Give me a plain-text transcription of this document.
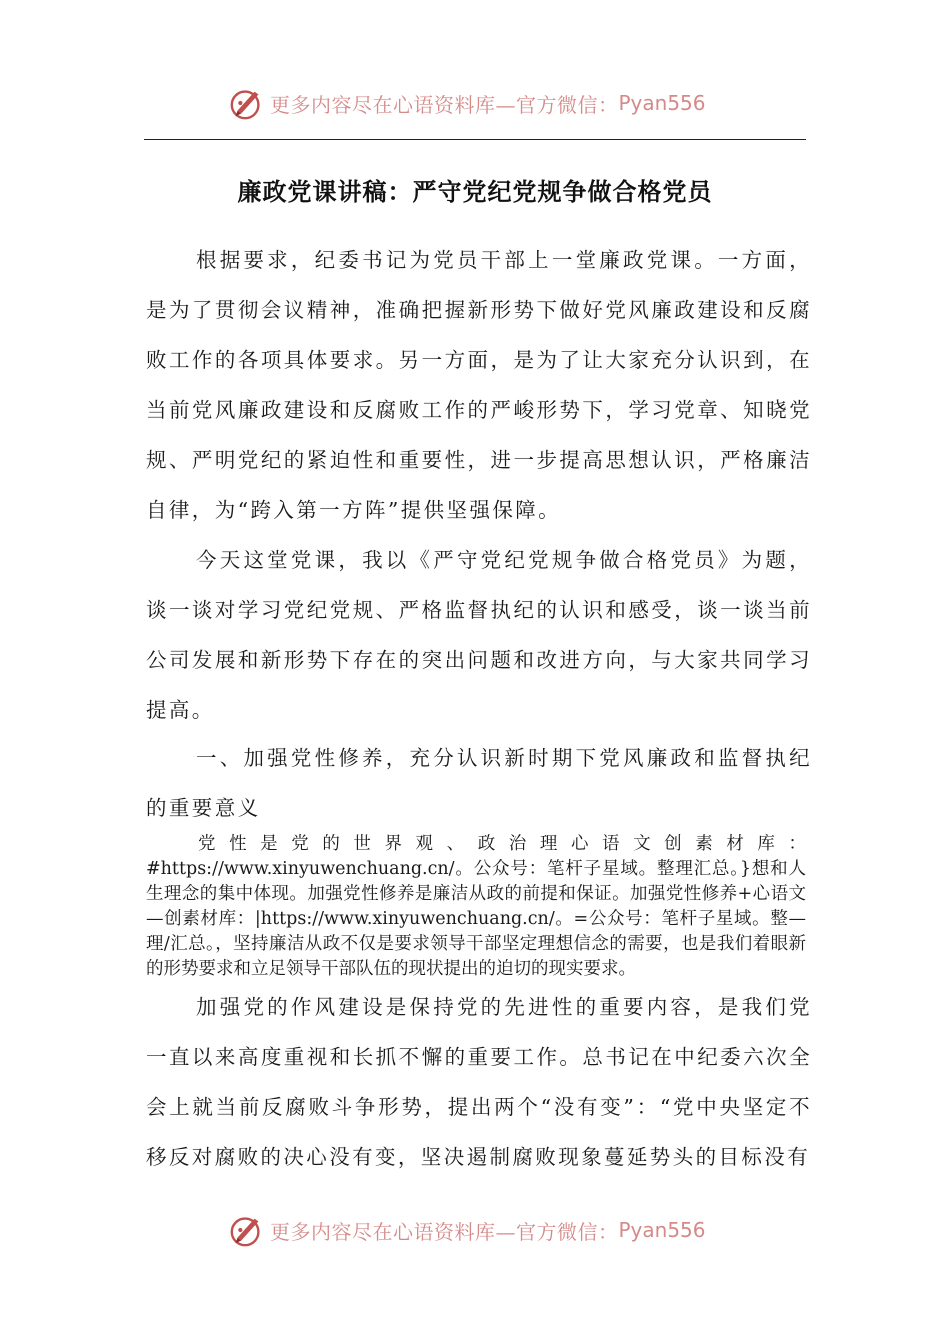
更多内容尽在心语资料库—官方微信： Pyan556
廉政党课讲稿：严守党纪党规争做合格党员

根据要求，纪委书记为党员干部上一堂廉政党课。一方面，是为了贯彻会议精神，准确把握新形势下做好党风廉政建设和反腐败工作的各项具体要求。另一方面，是为了让大家充分认识到，在当前党风廉政建设和反腐败工作的严峻形势下，学习党章、知晓党规、严明党纪的紧迫性和重要性，进一步提高思想认识，严格廉洁自律，为“跨入第一方阵”提供坚强保障。

今天这堂党课，我以《严守党纪党规争做合格党员》为题，谈一谈对学习党纪党规、严格监督执纪的认识和感受，谈一谈当前公司发展和新形势下存在的突出问题和改进方向，与大家共同学习提高。

一、加强党性修养，充分认识新时期下党风廉政和监督执纪的重要意义

党性是党的世界观、政治理心语文创素材库：#https://www.xinyuwenchuang.cn/。公众号：笔杆子星域。整理汇总。}想和人生理念的集中体现。加强党性修养是廉洁从政的前提和保证。加强党性修养+心语文—创素材库：|https://www.xinyuwenchuang.cn/。=公众号：笔杆子星域。整—理/汇总。，坚持廉洁从政不仅是要求领导干部坚定理想信念的需要，也是我们着眼新的形势要求和立足领导干部队伍的现状提出的迫切的现实要求。

加强党的作风建设是保持党的先进性的重要内容，是我们党一直以来高度重视和长抓不懈的重要工作。总书记在中纪委六次全会上就当前反腐败斗争形势，提出两个“没有变”：“党中央坚定不移反对腐败的决心没有变，坚决遏制腐败现象蔓延势头的目标没有

更多内容尽在心语资料库—官方微信： Pyan556
